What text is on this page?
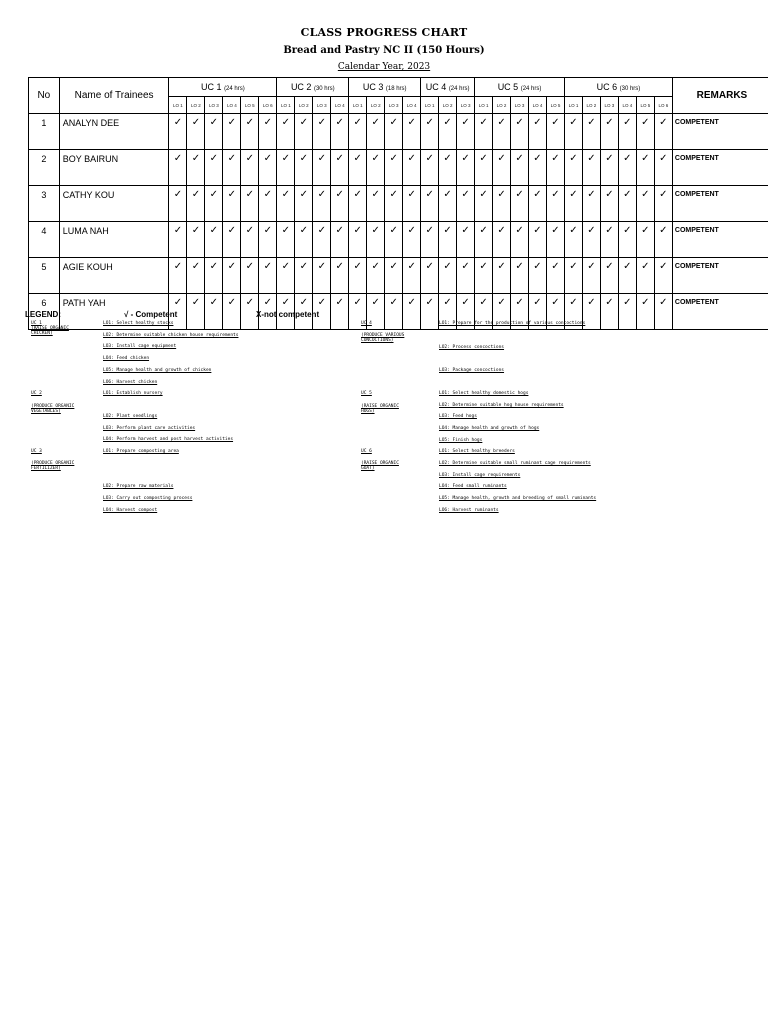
CLASS PROGRESS CHART
Bread and Pastry NC II (150 Hours)
Calendar Year, 2023
No	Name of Trainees	UC 1 (24 hrs)						UC 2 (30 hrs)				UC 3 (18 hrs)				UC 4 (24 hrs)			UC 5 (24 hrs)					UC 6 (30 hrs)						REMARKS
		LO 1	LO 2	LO 3	LO 4	LO 5	LO 6	LO 1	LO 2	LO 3	LO 4	LO 1	LO 2	LO 3	LO 4	LO 1	LO 2	LO 3	LO 1	LO 2	LO 3	LO 4	LO 5	LO 1	LO 2	LO 3	LO 4	LO 5	LO 6	
1	ANALYN DEE	✓	✓	✓	✓	✓	✓	✓	✓	✓	✓	✓	✓	✓	✓	✓	✓	✓	✓	✓	✓	✓	✓	✓	✓	✓	✓	✓	✓	COMPETENT
2	BOY BAIRUN	✓	✓	✓	✓	✓	✓	✓	✓	✓	✓	✓	✓	✓	✓	✓	✓	✓	✓	✓	✓	✓	✓	✓	✓	✓	✓	✓	✓	COMPETENT
3	CATHY KOU	✓	✓	✓	✓	✓	✓	✓	✓	✓	✓	✓	✓	✓	✓	✓	✓	✓	✓	✓	✓	✓	✓	✓	✓	✓	✓	✓	✓	COMPETENT
4	LUMA NAH	✓	✓	✓	✓	✓	✓	✓	✓	✓	✓	✓	✓	✓	✓	✓	✓	✓	✓	✓	✓	✓	✓	✓	✓	✓	✓	✓	✓	COMPETENT
5	AGIE KOUH	✓	✓	✓	✓	✓	✓	✓	✓	✓	✓	✓	✓	✓	✓	✓	✓	✓	✓	✓	✓	✓	✓	✓	✓	✓	✓	✓	✓	COMPETENT
6	PATH YAH	✓	✓	✓	✓	✓	✓	✓	✓	✓	✓	✓	✓	✓	✓	✓	✓	✓	✓	✓	✓	✓	✓	✓	✓	✓	✓	✓	✓	COMPETENT
LEGEND:	√ - Competent	X-not competent
UC 1
(RAISE ORGANIC CHICKEN)
LO1: Select healthy stocks
LO2: Determine suitable chicken house requirements
LO3: Install cage equipment
LO4: Feed chicken
LO5: Manage health and growth of chicken
LO6: Harvest chicken
UC 2
(PRODUCE ORGANIC VEGETABLES)
LO1: Establish nursery
LO2: Plant seedlings
LO3: Perform plant care activities
LO4: Perform harvest and post harvest activities
UC 3
(PRODUCE ORGANIC FERTILIZER)
LO1: Prepare composting area
LO2: Prepare raw materials
LO3: Carry out composting process
LO4: Harvest compost
UC 4
(PRODUCE VARIOUS CONCOCTIONS)
LO1: Prepare for the production of various concoctions
LO2: Process concoctions
LO3: Package concoctions
UC 5
(RAISE ORGANIC HOGS)
LO1: Select healthy domestic hogs
LO2: Determine suitable hog house requirements
LO3: Feed hogs
LO4: Manage health and growth of hogs
LO5: Finish hogs
UC 6
(RAISE ORGANIC GOAT)
LO1: Select healthy breeders
LO2: Determine suitable small ruminant cage requirements
LO3: Install cage requirements
LO4: Feed small ruminants
LO5: Manage health, growth and breeding of small ruminants
LO6: Harvest ruminants
